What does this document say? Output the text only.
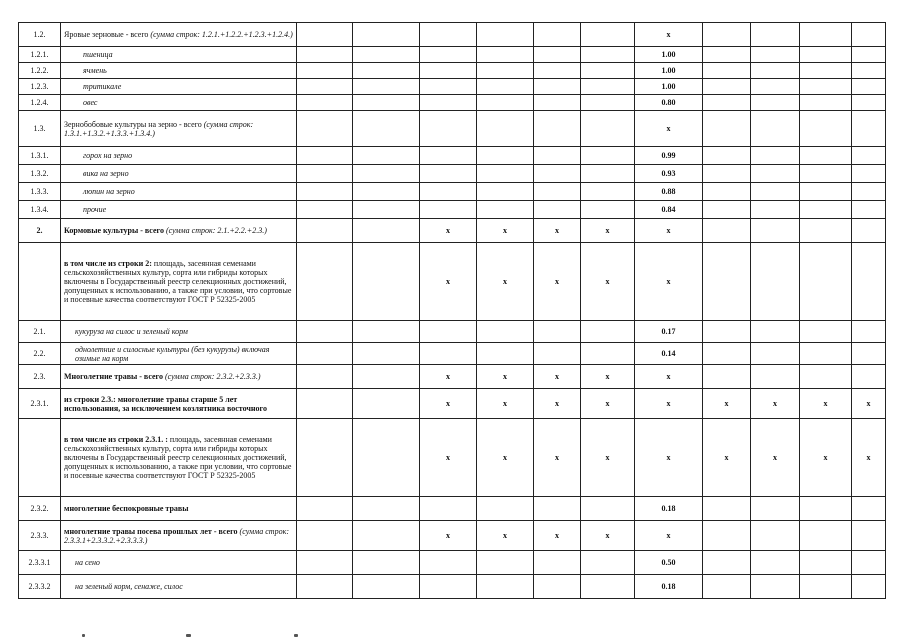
1.2.	Яровые зерновые - всего (сумма строк: 1.2.1.+1.2.2.+1.2.3.+1.2.4.)							x				
1.2.1.	пшеница							1.00				
1.2.2.	ячмень							1.00				
1.2.3.	тритикале							1.00				
1.2.4.	овес							0.80				
1.3.	Зернобобовые культуры на зерно - всего (сумма строк: 1.3.1.+1.3.2.+1.3.3.+1.3.4.)							x				
1.3.1.	горох на зерно							0.99				
1.3.2.	вика на зерно							0.93				
1.3.3.	люпин на зерно							0.88				
1.3.4.	прочие							0.84				
2.	Кормовые культуры - всего (сумма строк: 2.1.+2.2.+2.3.)			x	x	x	x	x				
	в том числе из строки 2: площадь, засеянная семенами сельскохозяйственных культур, сорта или гибриды которых включены в Государственный реестр селекционных достижений, допущенных к использованию, а также при условии, что сортовые и посевные качества соответствуют ГОСТ Р 52325-2005			x	x	x	x	x				
2.1.	кукуруза на силос и зеленый корм							0.17				
2.2.	однолетние и силосные культуры (без кукурузы) включая озимые на корм							0.14				
2.3.	Многолетние травы - всего (сумма строк: 2.3.2.+2.3.3.)			x	x	x	x	x				
2.3.1.	из строки 2.3.: многолетние травы старше 5 лет использования, за исключением козлятника восточного			x	x	x	x	x	x	x	x	x
	в том числе из строки 2.3.1. : площадь, засеянная семенами сельскохозяйственных культур, сорта или гибриды которых включены в Государственный реестр селекционных достижений, допущенных к использованию, а также при условии, что сортовые и посевные качества соответствуют ГОСТ Р 52325-2005			x	x	x	x	x	x	x	x	x
2.3.2.	многолетние беспокровные травы							0.18				
2.3.3.	многолетние травы посева прошлых лет - всего (сумма строк: 2.3.3.1+2.3.3.2.+2.3.3.3.)			x	x	x	x	x				
2.3.3.1	на сено							0.50				
2.3.3.2	на зеленый корм, сенаже, силос							0.18				
